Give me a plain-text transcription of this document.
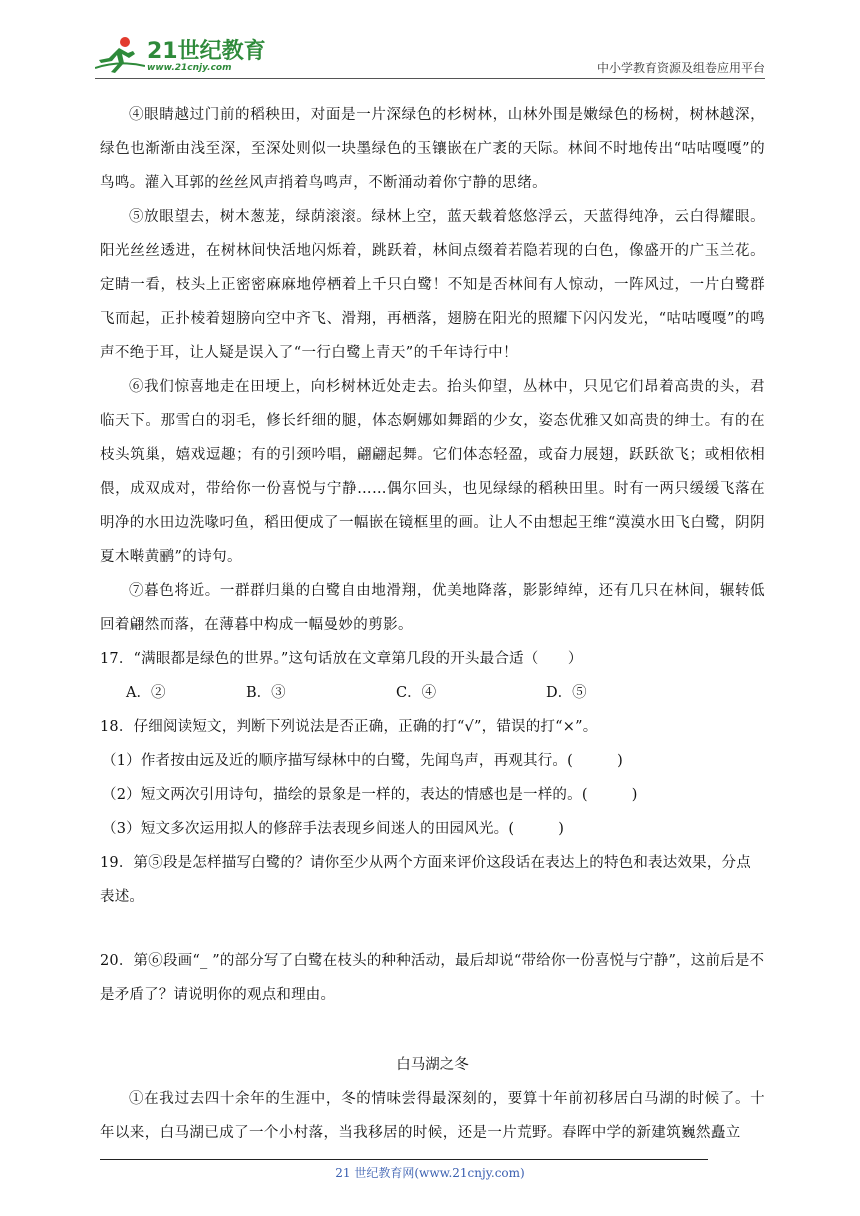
21世纪教育
www.21cnjy.com	中小学教育资源及组卷应用平台

④眼睛越过门前的稻秧田，对面是一片深绿色的杉树林，山林外围是嫩绿色的杨树，树林越深，绿色也渐渐由浅至深，至深处则似一块墨绿色的玉镶嵌在广袤的天际。林间不时地传出“咕咕嘎嘎”的鸟鸣。灌入耳郭的丝丝风声捎着鸟鸣声，不断涌动着你宁静的思绪。

⑤放眼望去，树木葱茏，绿荫滚滚。绿林上空，蓝天载着悠悠浮云，天蓝得纯净，云白得耀眼。阳光丝丝透进，在树林间快活地闪烁着，跳跃着，林间点缀着若隐若现的白色，像盛开的广玉兰花。定睛一看，枝头上正密密麻麻地停栖着上千只白鹭！不知是否林间有人惊动，一阵风过，一片白鹭群飞而起，正扑棱着翅膀向空中齐飞、滑翔，再栖落，翅膀在阳光的照耀下闪闪发光，“咕咕嘎嘎”的鸣声不绝于耳，让人疑是误入了“一行白鹭上青天”的千年诗行中！

⑥我们惊喜地走在田埂上，向杉树林近处走去。抬头仰望，丛林中，只见它们昂着高贵的头，君临天下。那雪白的羽毛，修长纤细的腿，体态婀娜如舞蹈的少女，姿态优雅又如高贵的绅士。有的在枝头筑巢，嬉戏逗趣；有的引颈吟唱，翩翩起舞。它们体态轻盈，或奋力展翅，跃跃欲飞；或相依相偎，成双成对，带给你一份喜悦与宁静……偶尔回头，也见绿绿的稻秧田里。时有一两只缓缓飞落在明净的水田边洗喙叼鱼，稻田便成了一幅嵌在镜框里的画。让人不由想起王维“漠漠水田飞白鹭，阴阴夏木啭黄鹂”的诗句。

⑦暮色将近。一群群归巢的白鹭自由地滑翔，优美地降落，影影绰绰，还有几只在林间，辗转低回着翩然而落，在薄暮中构成一幅曼妙的剪影。

17．“满眼都是绿色的世界。”这句话放在文章第几段的开头最合适（　　）

A．②	B．③	C．④	D．⑤

18．仔细阅读短文，判断下列说法是否正确，正确的打“√”，错误的打“×”。

（1）作者按由远及近的顺序描写绿林中的白鹭，先闻鸟声，再观其行。(　　　)

（2）短文两次引用诗句，描绘的景象是一样的，表达的情感也是一样的。(　　　)

（3）短文多次运用拟人的修辞手法表现乡间迷人的田园风光。(　　　)

19．第⑤段是怎样描写白鹭的？请你至少从两个方面来评价这段话在表达上的特色和表达效果，分点表述。

20．第⑥段画“_ ”的部分写了白鹭在枝头的种种活动，最后却说“带给你一份喜悦与宁静”，这前后是不是矛盾了？请说明你的观点和理由。

白马湖之冬

①在我过去四十余年的生涯中，冬的情味尝得最深刻的，要算十年前初移居白马湖的时候了。十年以来，白马湖已成了一个小村落，当我移居的时候，还是一片荒野。春晖中学的新建筑巍然矗立

21 世纪教育网(www.21cnjy.com)
